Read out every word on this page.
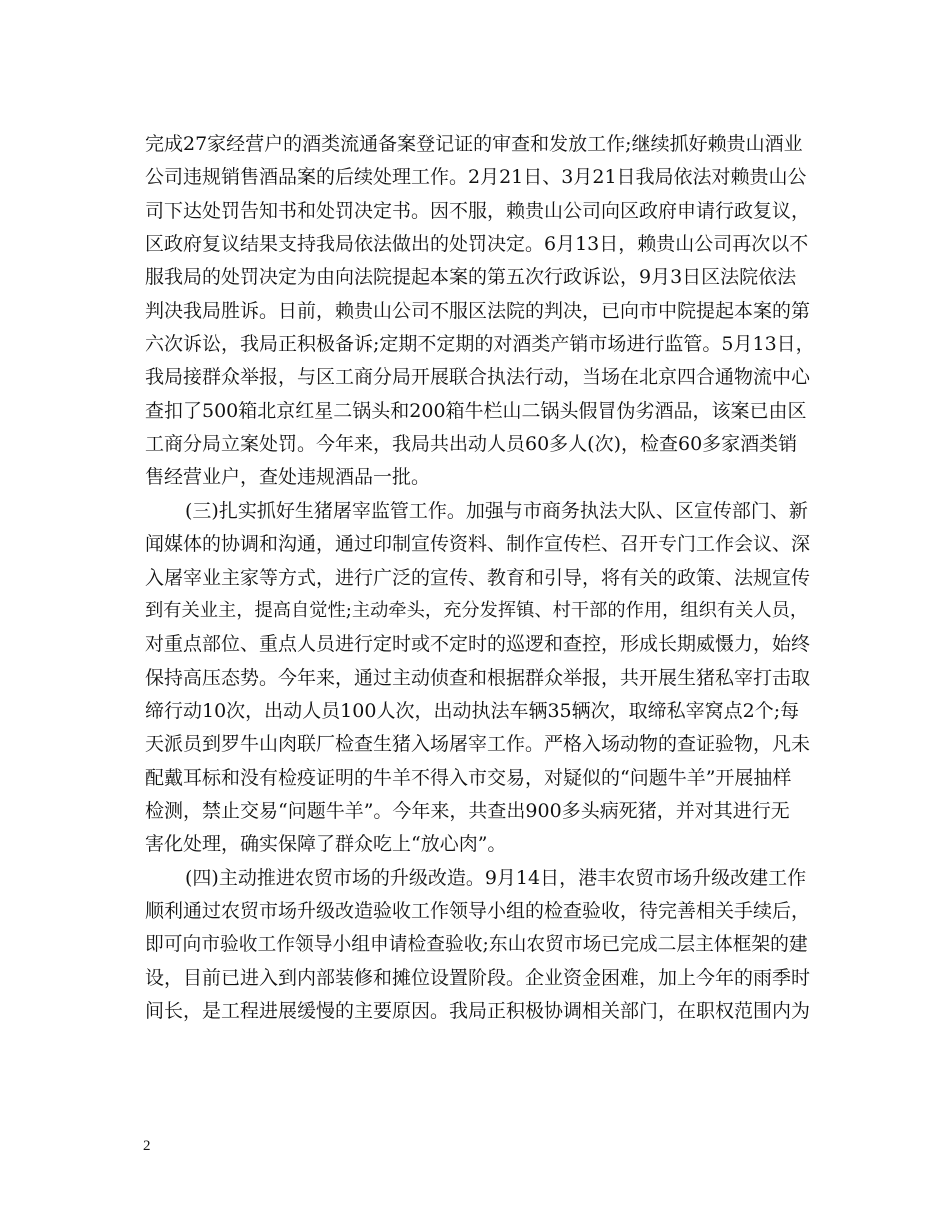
完成27家经营户的酒类流通备案登记证的审查和发放工作;继续抓好赖贵山酒业
公司违规销售酒品案的后续处理工作。2月21日、3月21日我局依法对赖贵山公
司下达处罚告知书和处罚决定书。因不服，赖贵山公司向区政府申请行政复议，
区政府复议结果支持我局依法做出的处罚决定。6月13日，赖贵山公司再次以不
服我局的处罚决定为由向法院提起本案的第五次行政诉讼，9月3日区法院依法
判决我局胜诉。日前，赖贵山公司不服区法院的判决，已向市中院提起本案的第
六次诉讼，我局正积极备诉;定期不定期的对酒类产销市场进行监管。5月13日，
我局接群众举报，与区工商分局开展联合执法行动，当场在北京四合通物流中心
查扣了500箱北京红星二锅头和200箱牛栏山二锅头假冒伪劣酒品，该案已由区
工商分局立案处罚。今年来，我局共出动人员60多人(次)，检查60多家酒类销
售经营业户，查处违规酒品一批。
(三)扎实抓好生猪屠宰监管工作。加强与市商务执法大队、区宣传部门、新
闻媒体的协调和沟通，通过印制宣传资料、制作宣传栏、召开专门工作会议、深
入屠宰业主家等方式，进行广泛的宣传、教育和引导，将有关的政策、法规宣传
到有关业主，提高自觉性;主动牵头，充分发挥镇、村干部的作用，组织有关人员，
对重点部位、重点人员进行定时或不定时的巡逻和查控，形成长期威慑力，始终
保持高压态势。今年来，通过主动侦查和根据群众举报，共开展生猪私宰打击取
缔行动10次，出动人员100人次，出动执法车辆35辆次，取缔私宰窝点2个;每
天派员到罗牛山肉联厂检查生猪入场屠宰工作。严格入场动物的查证验物，凡未
配戴耳标和没有检疫证明的牛羊不得入市交易，对疑似的“问题牛羊”开展抽样
检测，禁止交易“问题牛羊”。今年来，共查出900多头病死猪，并对其进行无
害化处理，确实保障了群众吃上“放心肉”。
(四)主动推进农贸市场的升级改造。9月14日，港丰农贸市场升级改建工作
顺利通过农贸市场升级改造验收工作领导小组的检查验收，待完善相关手续后，
即可向市验收工作领导小组申请检查验收;东山农贸市场已完成二层主体框架的建
设，目前已进入到内部装修和摊位设置阶段。企业资金困难，加上今年的雨季时
间长，是工程进展缓慢的主要原因。我局正积极协调相关部门，在职权范围内为
2
